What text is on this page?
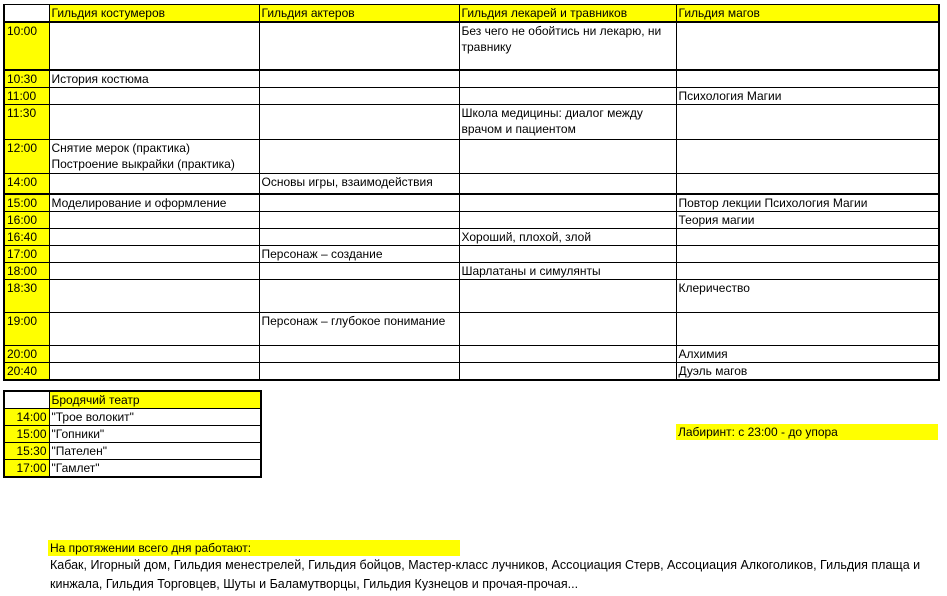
	Гильдия костумеров	Гильдия актеров	Гильдия лекарей и травников	Гильдия магов
10:00			Без чего не обойтись ни лекарю, ни травнику	
10:30	История костюма			
11:00				Психология Магии
11:30			Школа медицины: диалог между врачом и пациентом	
12:00	Снятие мерок (практика) Построение выкрайки (практика)			
14:00		Основы игры, взаимодействия		
15:00	Моделирование и оформление			Повтор лекции Психология Магии
16:00				Теория магии
16:40			Хороший, плохой, злой	
17:00		Персонаж – создание		
18:00			Шарлатаны и симулянты	
18:30				Клеричество
19:00		Персонаж – глубокое понимание		
20:00				Алхимия
20:40				Дуэль магов
	Бродячий театр
14:00	"Трое волокит"
15:00	"Гопники"
15:30	"Пателен"
17:00	"Гамлет"
Лабиринт: с 23:00 - до упора
На протяжении всего дня работают:
Кабак, Игорный дом, Гильдия менестрелей, Гильдия бойцов, Мастер-класс лучников, Ассоциация Стерв, Ассоциация Алкоголиков, Гильдия плаща и кинжала, Гильдия Торговцев, Шуты и Баламутворцы, Гильдия Кузнецов и прочая-прочая...
